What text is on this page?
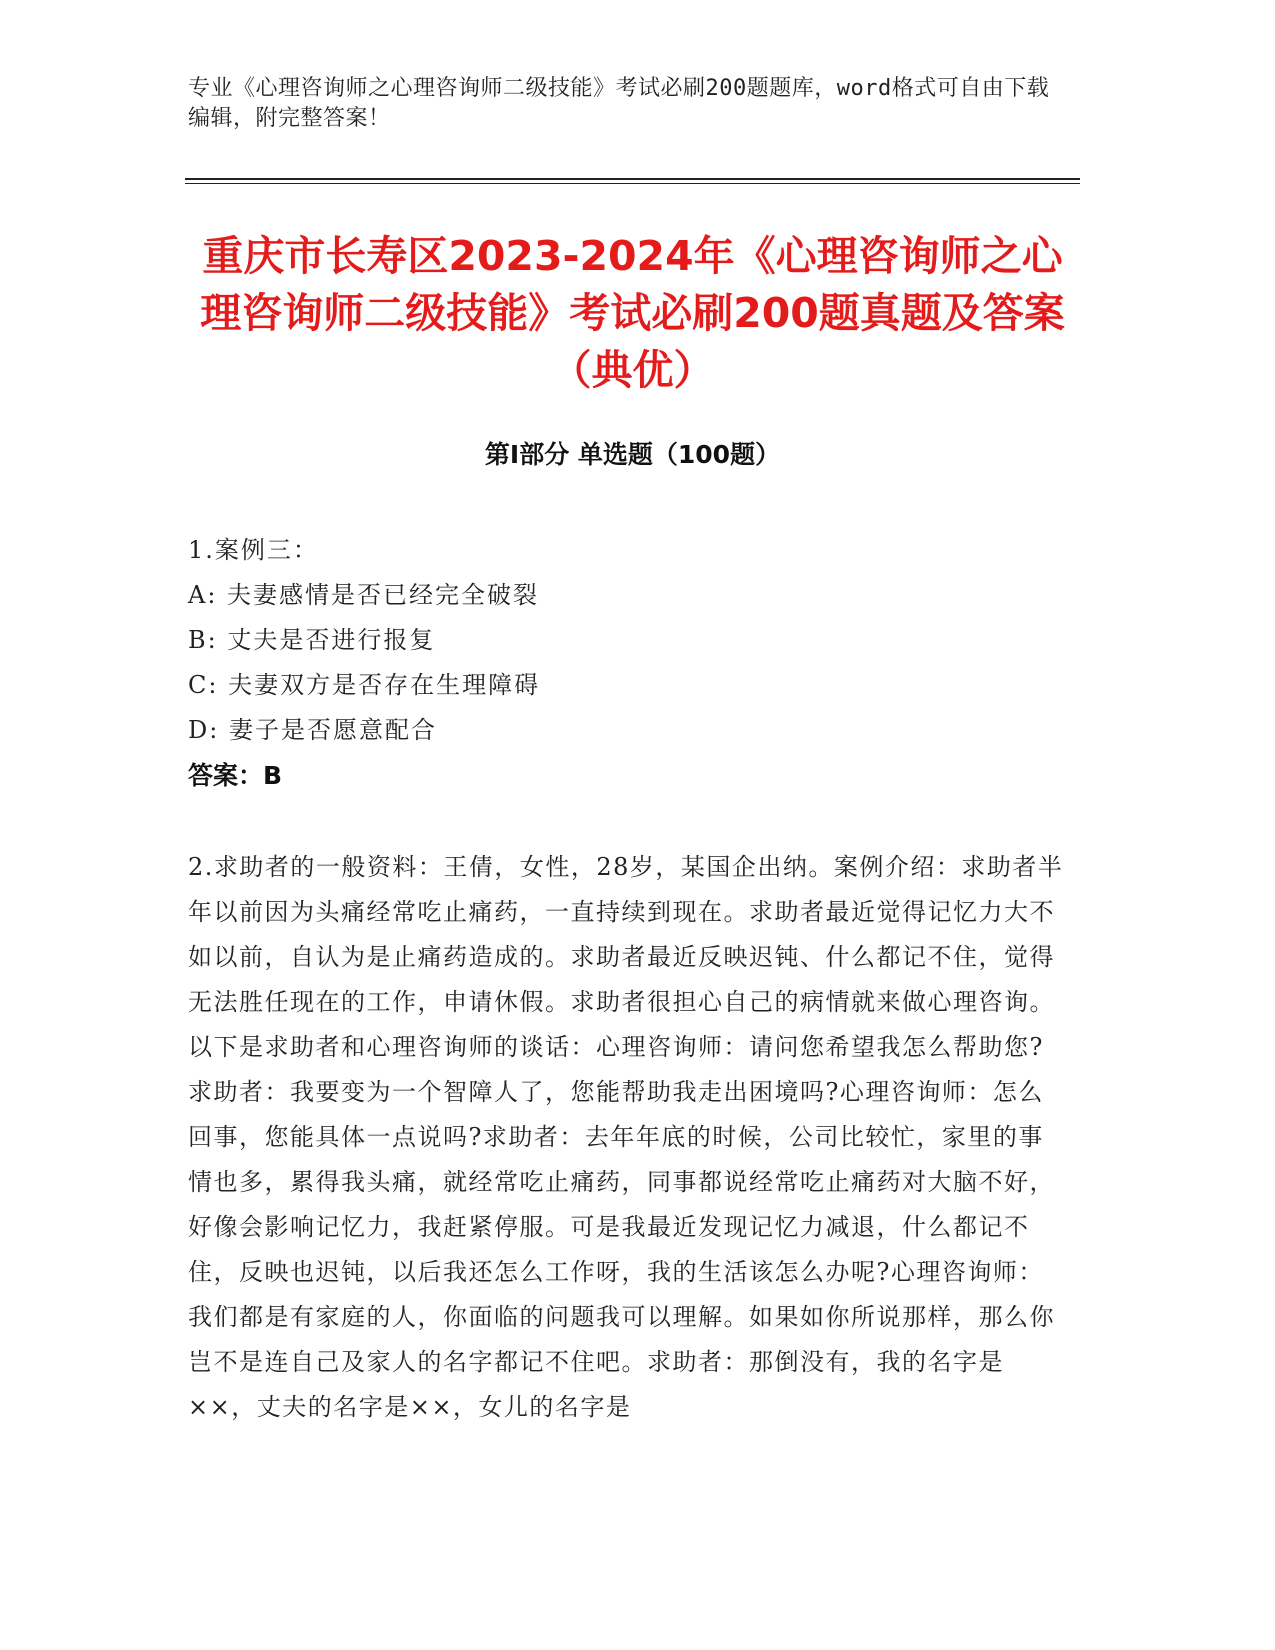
专业《心理咨询师之心理咨询师二级技能》考试必刷200题题库，word格式可自由下载编辑，附完整答案！
重庆市长寿区2023-2024年《心理咨询师之心理咨询师二级技能》考试必刷200题真题及答案（典优）
第Ⅰ部分 单选题（100题）
1.案例三：
A: 夫妻感情是否已经完全破裂
B: 丈夫是否进行报复
C: 夫妻双方是否存在生理障碍
D: 妻子是否愿意配合
答案：B

2.求助者的一般资料：王倩，女性，28岁，某国企出纳。案例介绍：求助者半年以前因为头痛经常吃止痛药，一直持续到现在。求助者最近觉得记忆力大不如以前，自认为是止痛药造成的。求助者最近反映迟钝、什么都记不住，觉得无法胜任现在的工作，申请休假。求助者很担心自己的病情就来做心理咨询。以下是求助者和心理咨询师的谈话：心理咨询师：请问您希望我怎么帮助您?求助者：我要变为一个智障人了，您能帮助我走出困境吗?心理咨询师：怎么回事，您能具体一点说吗?求助者：去年年底的时候，公司比较忙，家里的事情也多，累得我头痛，就经常吃止痛药，同事都说经常吃止痛药对大脑不好，好像会影响记忆力，我赶紧停服。可是我最近发现记忆力减退，什么都记不住，反映也迟钝，以后我还怎么工作呀，我的生活该怎么办呢?心理咨询师：我们都是有家庭的人，你面临的问题我可以理解。如果如你所说那样，那么你岂不是连自己及家人的名字都记不住吧。求助者：那倒没有，我的名字是××，丈夫的名字是××，女儿的名字是
